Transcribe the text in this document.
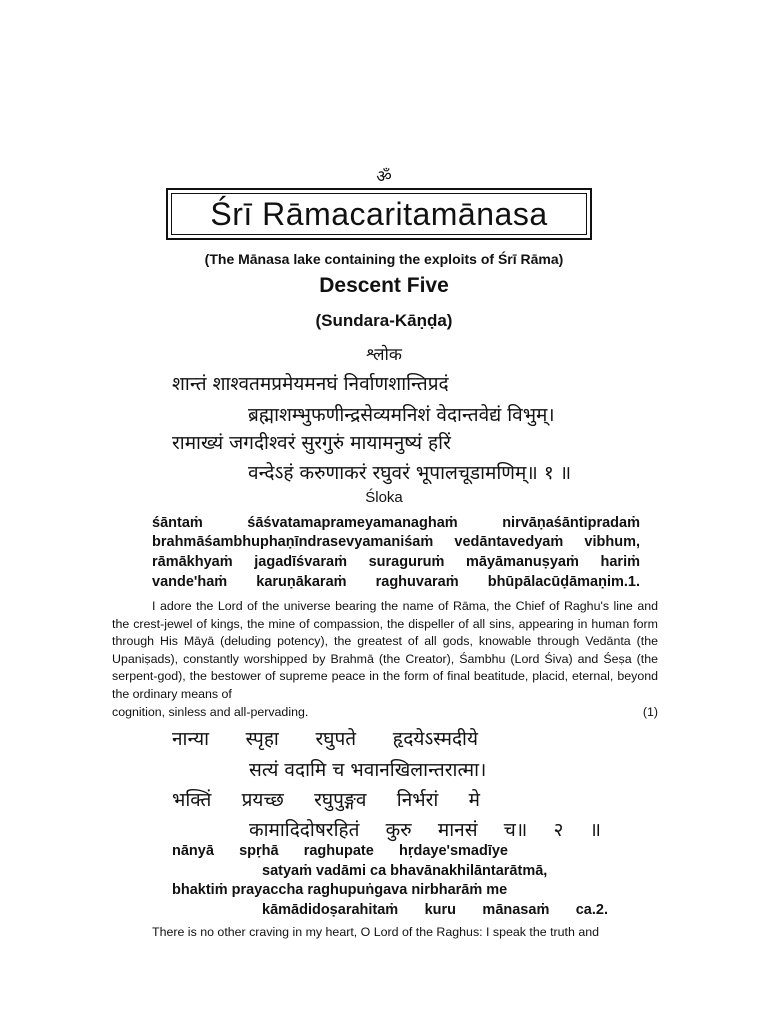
ॐ
Śrī Rāmacaritamānasa
(The Mānasa lake containing the exploits of Śrī Rāma)
Descent Five
(Sundara-Kāṇḍa)
श्लोक
शान्तं शाश्वतमप्रमेयमनघं निर्वाणशान्तिप्रदं
ब्रह्माशम्भुफणीन्द्रसेव्यमनिशं वेदान्तवेद्यं विभुम्।
रामाख्यं जगदीश्वरं सुरगुरुं मायामनुष्यं हरिं
वन्देऽहं करुणाकरं रघुवरं भूपालचूडामणिम्॥ १ ॥
Śloka
śāntaṁ śāśvatamaprameyamanaghaṁ nirvāṇaśāntipradaṁ
brahmāśambhuphaṇīndrasevyamaniśaṁ vedāntavedyaṁ vibhum,
rāmākhyaṁ jagadīśvaraṁ suraguruṁ māyāmanuṣyaṁ hariṁ
vande'haṁ karuṇākaraṁ raghuvaraṁ bhūpālacūḍāmaṇim.1.

I adore the Lord of the universe bearing the name of Rāma, the Chief of Raghu's line and the crest-jewel of kings, the mine of compassion, the dispeller of all sins, appearing in human form through His Māyā (deluding potency), the greatest of all gods, knowable through Vedānta (the Upaniṣads), constantly worshipped by Brahmā (the Creator), Śambhu (Lord Śiva) and Śeṣa (the serpent-god), the bestower of supreme peace in the form of final beatitude, placid, eternal, beyond the ordinary means of

cognition, sinless and all-pervading.	(1)
नान्या स्पृहा रघुपते हृदयेऽस्मदीये
सत्यं वदामि च भवानखिलान्तरात्मा।
भक्तिं प्रयच्छ रघुपुङ्गव निर्भरां मे
कामादिदोषरहितं कुरु मानसं च॥ २ ॥
nānyā spṛhā raghupate hṛdaye'smadīye
satyaṁ vadāmi ca bhavānakhilāntarātmā,
bhaktiṁ prayaccha raghupuṅgava nirbharāṁ me
kāmādidoṣarahitaṁ kuru mānasaṁ ca.2.
There is no other craving in my heart, O Lord of the Raghus: I speak the truth and
